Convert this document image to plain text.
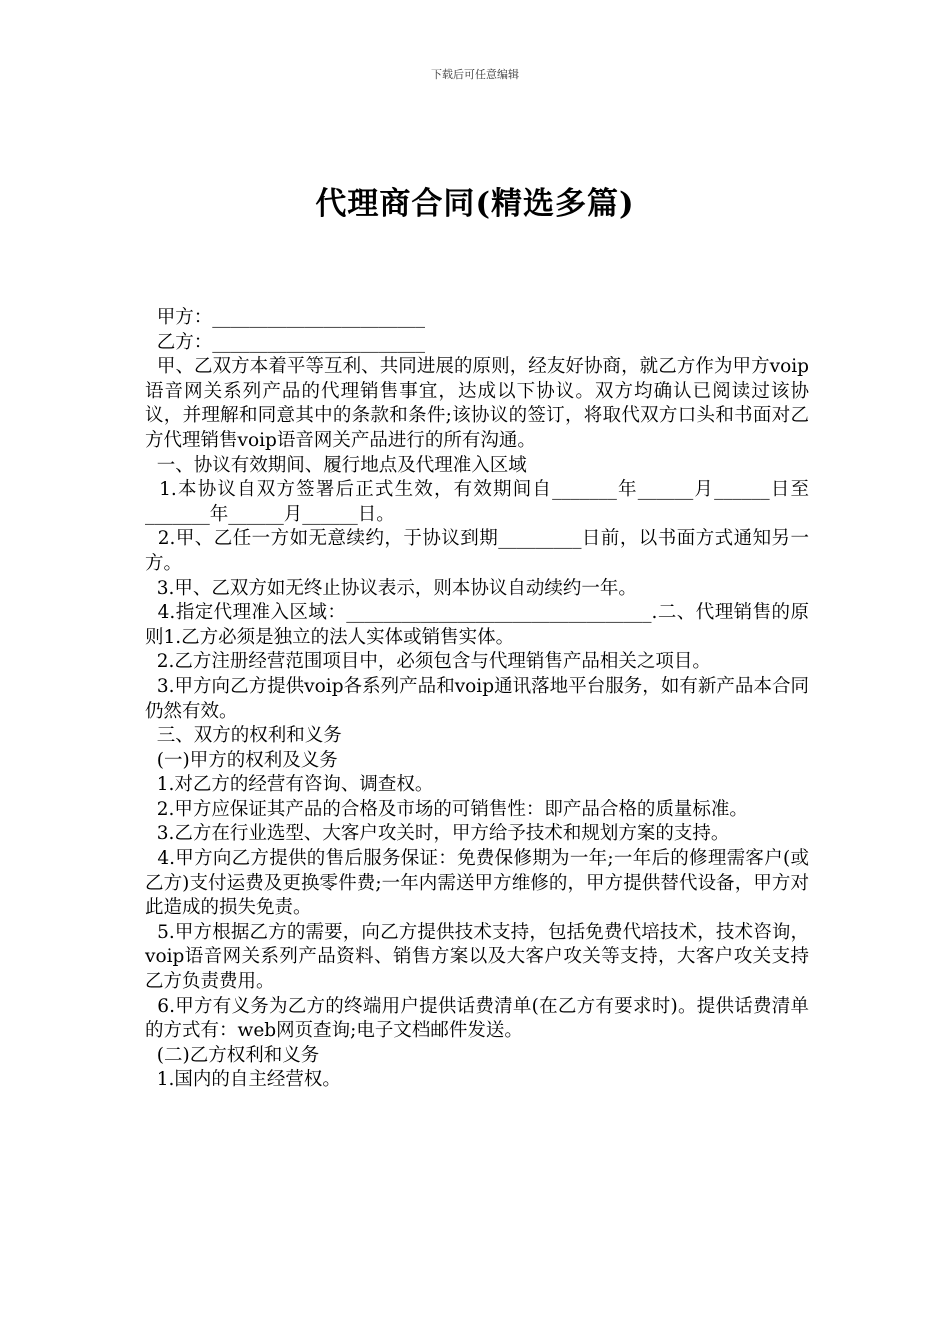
下载后可任意编辑
代理商合同(精选多篇)

甲方：_______________________

乙方：_______________________

甲、乙双方本着平等互利、共同进展的原则，经友好协商，就乙方作为甲方voip语音网关系列产品的代理销售事宜，达成以下协议。双方均确认已阅读过该协议，并理解和同意其中的条款和条件;该协议的签订，将取代双方口头和书面对乙方代理销售voip语音网关产品进行的所有沟通。

一、协议有效期间、履行地点及代理准入区域

1.本协议自双方签署后正式生效，有效期间自_______年______月______日至_______年______月______日。

2.甲、乙任一方如无意续约，于协议到期_________日前，以书面方式通知另一方。

3.甲、乙双方如无终止协议表示，则本协议自动续约一年。

4.指定代理准入区域：_________________________________.二、代理销售的原则1.乙方必须是独立的法人实体或销售实体。

2.乙方注册经营范围项目中，必须包含与代理销售产品相关之项目。

3.甲方向乙方提供voip各系列产品和voip通讯落地平台服务，如有新产品本合同仍然有效。

三、双方的权利和义务

(一)甲方的权利及义务

1.对乙方的经营有咨询、调查权。

2.甲方应保证其产品的合格及市场的可销售性：即产品合格的质量标准。

3.乙方在行业选型、大客户攻关时，甲方给予技术和规划方案的支持。

4.甲方向乙方提供的售后服务保证：免费保修期为一年;一年后的修理需客户(或乙方)支付运费及更换零件费;一年内需送甲方维修的，甲方提供替代设备，甲方对此造成的损失免责。

5.甲方根据乙方的需要，向乙方提供技术支持，包括免费代培技术，技术咨询，voip语音网关系列产品资料、销售方案以及大客户攻关等支持，大客户攻关支持乙方负责费用。

6.甲方有义务为乙方的终端用户提供话费清单(在乙方有要求时)。提供话费清单的方式有：web网页查询;电子文档邮件发送。

(二)乙方权利和义务

1.国内的自主经营权。
